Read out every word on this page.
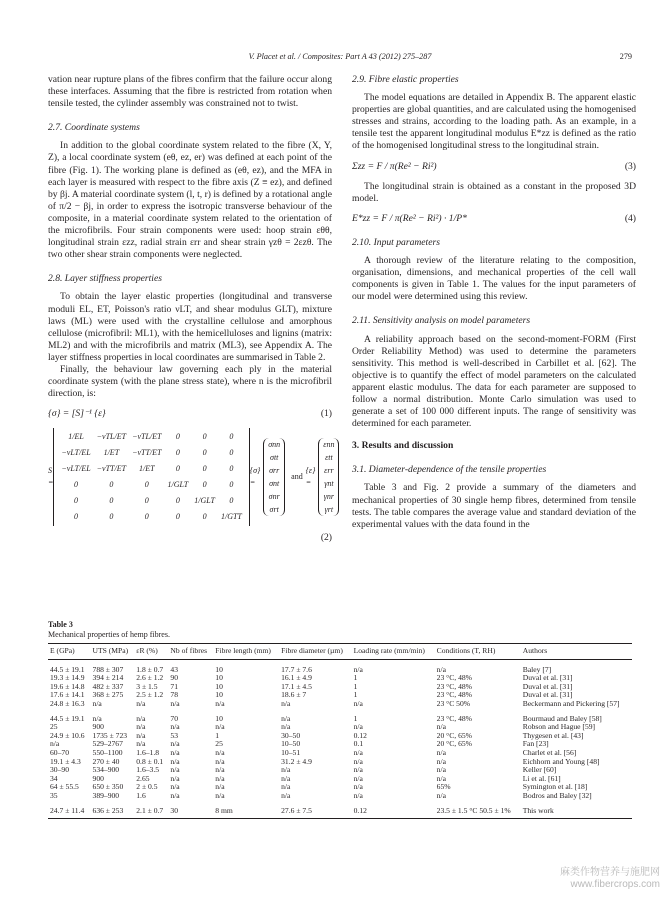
V. Placet et al. / Composites: Part A 43 (2012) 275–287	279

vation near rupture plans of the fibres confirm that the failure occur along these interfaces. Assuming that the fibre is restricted from rotation when tensile tested, the cylinder assembly was constrained not to twist.

2.7. Coordinate systems

In addition to the global coordinate system related to the fibre (X, Y, Z), a local coordinate system (eθ, ez, er) was defined at each point of the fibre (Fig. 1). The working plane is defined as (eθ, ez), and the MFA in each layer is measured with respect to the fibre axis (Z ≡ ez), and defined by βj. A material coordinate system (l, t, r) is defined by a rotational angle of π/2 − βj, in order to express the isotropic transverse behaviour of the composite, in a material coordinate system related to the orientation of the microfibrils. Four strain components were used: hoop strain εθθ, longitudinal strain εzz, radial strain εrr and shear strain γzθ = 2εzθ. The two other shear strain components were neglected.

2.8. Layer stiffness properties

To obtain the layer elastic properties (longitudinal and transverse moduli EL, ET, Poisson's ratio νLT, and shear modulus GLT), mixture laws (ML) were used with the crystalline cellulose and amorphous cellulose (microfibril: ML1), with the hemicelluloses and lignins (matrix: ML2) and with the microfibrils and matrix (ML3), see Appendix A. The layer stiffness properties in local coordinates are summarised in Table 2.

Finally, the behaviour law governing each ply in the material coordinate system (with the plane stress state), where n is the microfibril direction, is:

{σ} = [S]⁻¹ {ε}	(1)
S =
1/EL	−νTL/ET	−νTL/ET	0	0	0
−νLT/EL	1/ET	−νTT/ET	0	0	0
−νLT/EL	−νTT/ET	1/ET	0	0	0
0	0	0	1/GLT	0	0
0	0	0	0	1/GLT	0
0	0	0	0	0	1/GTT
{σ} =
σnn
σtt
σrr
σnt
σnr
σrt
and
{ε} =
εnn
εtt
εrr
γnt
γnr
γrt
(2)
2.9. Fibre elastic properties

The model equations are detailed in Appendix B. The apparent elastic properties are global quantities, and are calculated using the homogenised stresses and strains, according to the loading path. As an example, in a tensile test the apparent longitudinal modulus E*zz is defined as the ratio of the homogenised longitudinal stress to the longitudinal strain.

Σzz = F / π(Re² − Ri²)	(3)

The longitudinal strain is obtained as a constant in the proposed 3D model.

E*zz = F / π(Re² − Ri²) · 1/P*	(4)
2.10. Input parameters

A thorough review of the literature relating to the composition, organisation, dimensions, and mechanical properties of the cell wall components is given in Table 1. The values for the input parameters of our model were determined using this review.

2.11. Sensitivity analysis on model parameters

A reliability approach based on the second-moment-FORM (First Order Reliability Method) was used to determine the parameters sensitivity. This method is well-described in Carbillet et al. [62]. The objective is to quantify the effect of model parameters on the calculated apparent elastic modulus. The data for each parameter are supposed to follow a normal distribution. Monte Carlo simulation was used to generate a set of 100 000 different inputs. The range of sensitivity was determined for each parameter.

3. Results and discussion
3.1. Diameter-dependence of the tensile properties

Table 3 and Fig. 2 provide a summary of the diameters and mechanical properties of 30 single hemp fibres, determined from tensile tests. The table compares the average value and standard deviation of the experimental values with the data found in the

Table 3
Mechanical properties of hemp fibres.
E (GPa)	UTS (MPa)	εR (%)	Nb of fibres	Fibre length (mm)	Fibre diameter (µm)	Loading rate (mm/min)	Conditions (T, RH)	Authors
44.5 ± 19.1	788 ± 307	1.8 ± 0.7	43	10	17.7 ± 7.6	n/a	n/a	Baley [7]
19.3 ± 14.9	394 ± 214	2.6 ± 1.2	90	10	16.1 ± 4.9	1	23 °C, 48%	Duval et al. [31]
19.6 ± 14.8	482 ± 337	3 ± 1.5	71	10	17.1 ± 4.5	1	23 °C, 48%	Duval et al. [31]
17.6 ± 14.1	368 ± 275	2.5 ± 1.2	78	10	18.6 ± 7	1	23 °C, 48%	Duval et al. [31]
24.8 ± 16.3	n/a	n/a	n/a	n/a	n/a	n/a	23 °C 50%	Beckermann and Pickering [57]
44.5 ± 19.1	n/a	n/a	70	10	n/a	1	23 °C, 48%	Bourmaud and Baley [58]
25	900	n/a	n/a	n/a	n/a	n/a	n/a	Robson and Hague [59]
24.9 ± 10.6	1735 ± 723	n/a	53	1	30–50	0.12	20 °C, 65%	Thygesen et al. [43]
n/a	529–2767	n/a	n/a	25	10–50	0.1	20 °C, 65%	Fan [23]
60–70	550–1100	1.6–1.8	n/a	n/a	10–51	n/a	n/a	Charlet et al. [56]
19.1 ± 4.3	270 ± 40	0.8 ± 0.1	n/a	n/a	31.2 ± 4.9	n/a	n/a	Eichhorn and Young [48]
30–90	534–900	1.6–3.5	n/a	n/a	n/a	n/a	n/a	Keller [60]
34	900	2.65	n/a	n/a	n/a	n/a	n/a	Li et al. [61]
64 ± 55.5	650 ± 350	2 ± 0.5	n/a	n/a	n/a	n/a	65%	Symington et al. [18]
35	389–900	1.6	n/a	n/a	n/a	n/a	n/a	Bodros and Baley [32]
24.7 ± 11.4	636 ± 253	2.1 ± 0.7	30	8 mm	27.6 ± 7.5	0.12	23.5 ± 1.5 °C 50.5 ± 1%	This work
麻类作物营养与施肥网
www.fibercrops.com
